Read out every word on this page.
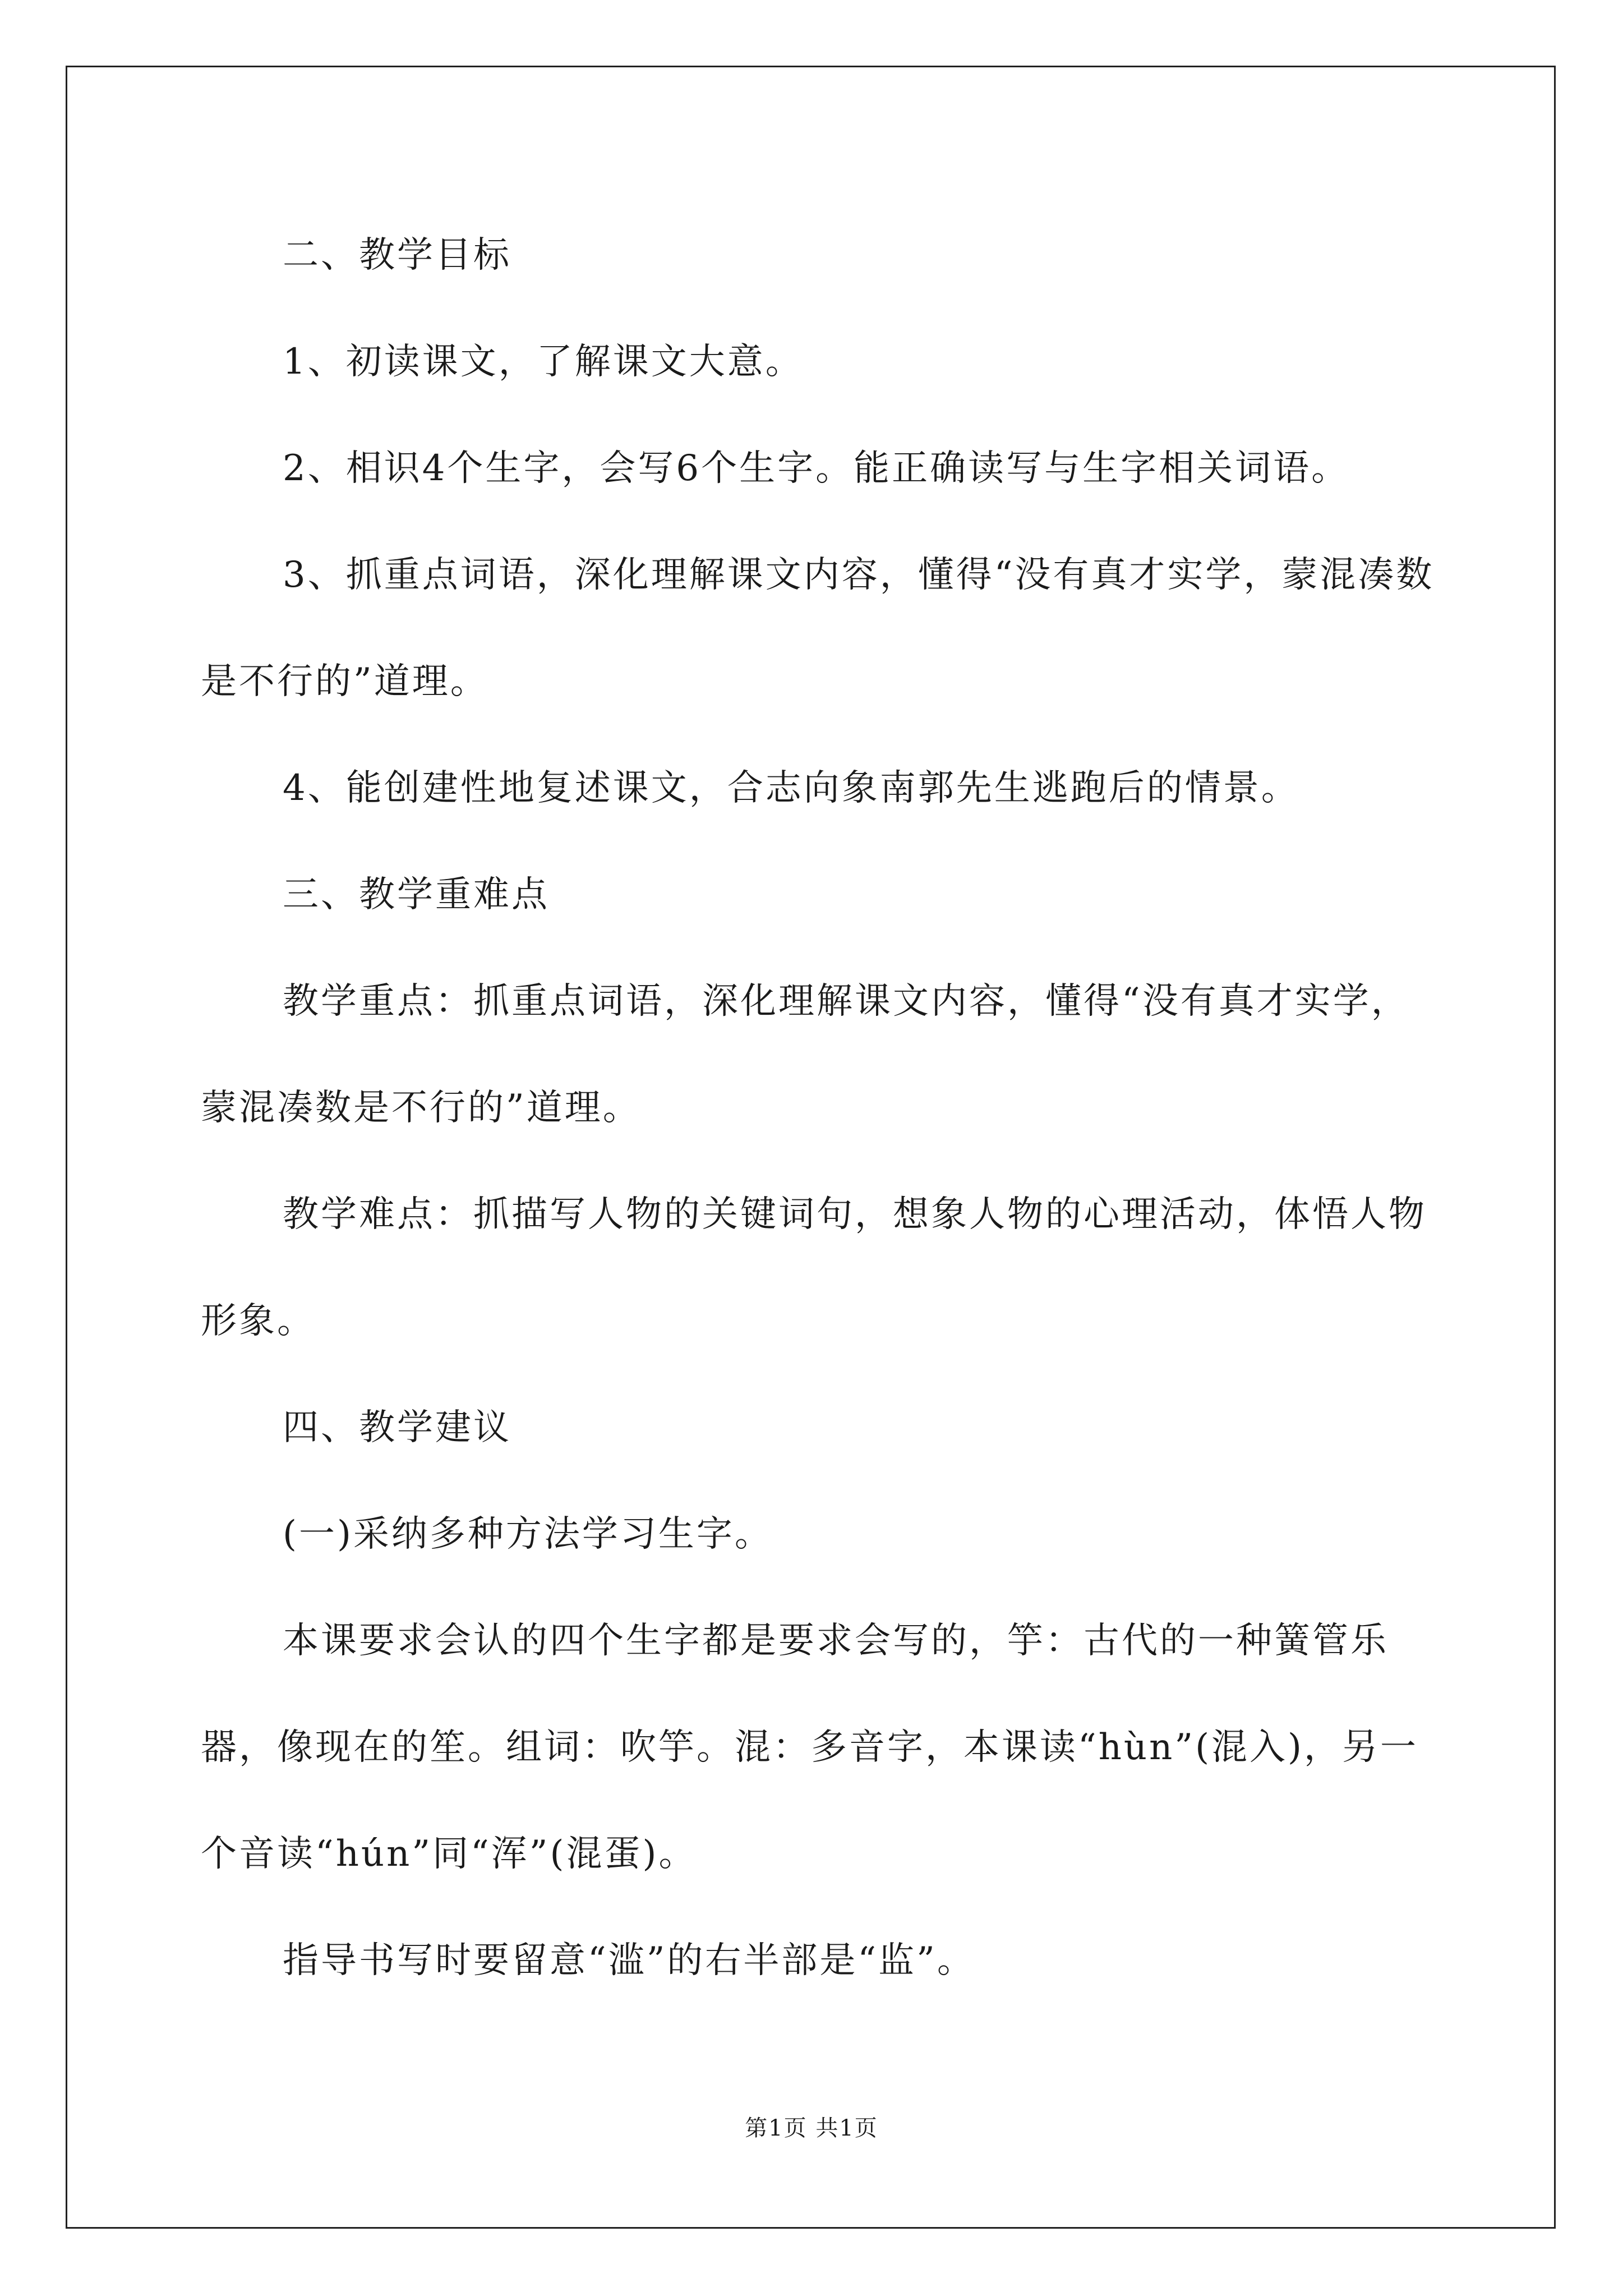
二、教学目标

1、初读课文，了解课文大意。

2、相识4个生字，会写6个生字。能正确读写与生字相关词语。

3、抓重点词语，深化理解课文内容，懂得“没有真才实学，蒙混凑数是不行的”道理。

4、能创建性地复述课文，合志向象南郭先生逃跑后的情景。

三、教学重难点

教学重点：抓重点词语，深化理解课文内容，懂得“没有真才实学，蒙混凑数是不行的”道理。

教学难点：抓描写人物的关键词句，想象人物的心理活动，体悟人物形象。

四、教学建议

(一)采纳多种方法学习生字。

本课要求会认的四个生字都是要求会写的，竽：古代的一种簧管乐器，像现在的笙。组词：吹竽。混：多音字，本课读“hùn”(混入)，另一个音读“hún”同“浑”(混蛋)。

指导书写时要留意“滥”的右半部是“监”。

第1页 共1页
